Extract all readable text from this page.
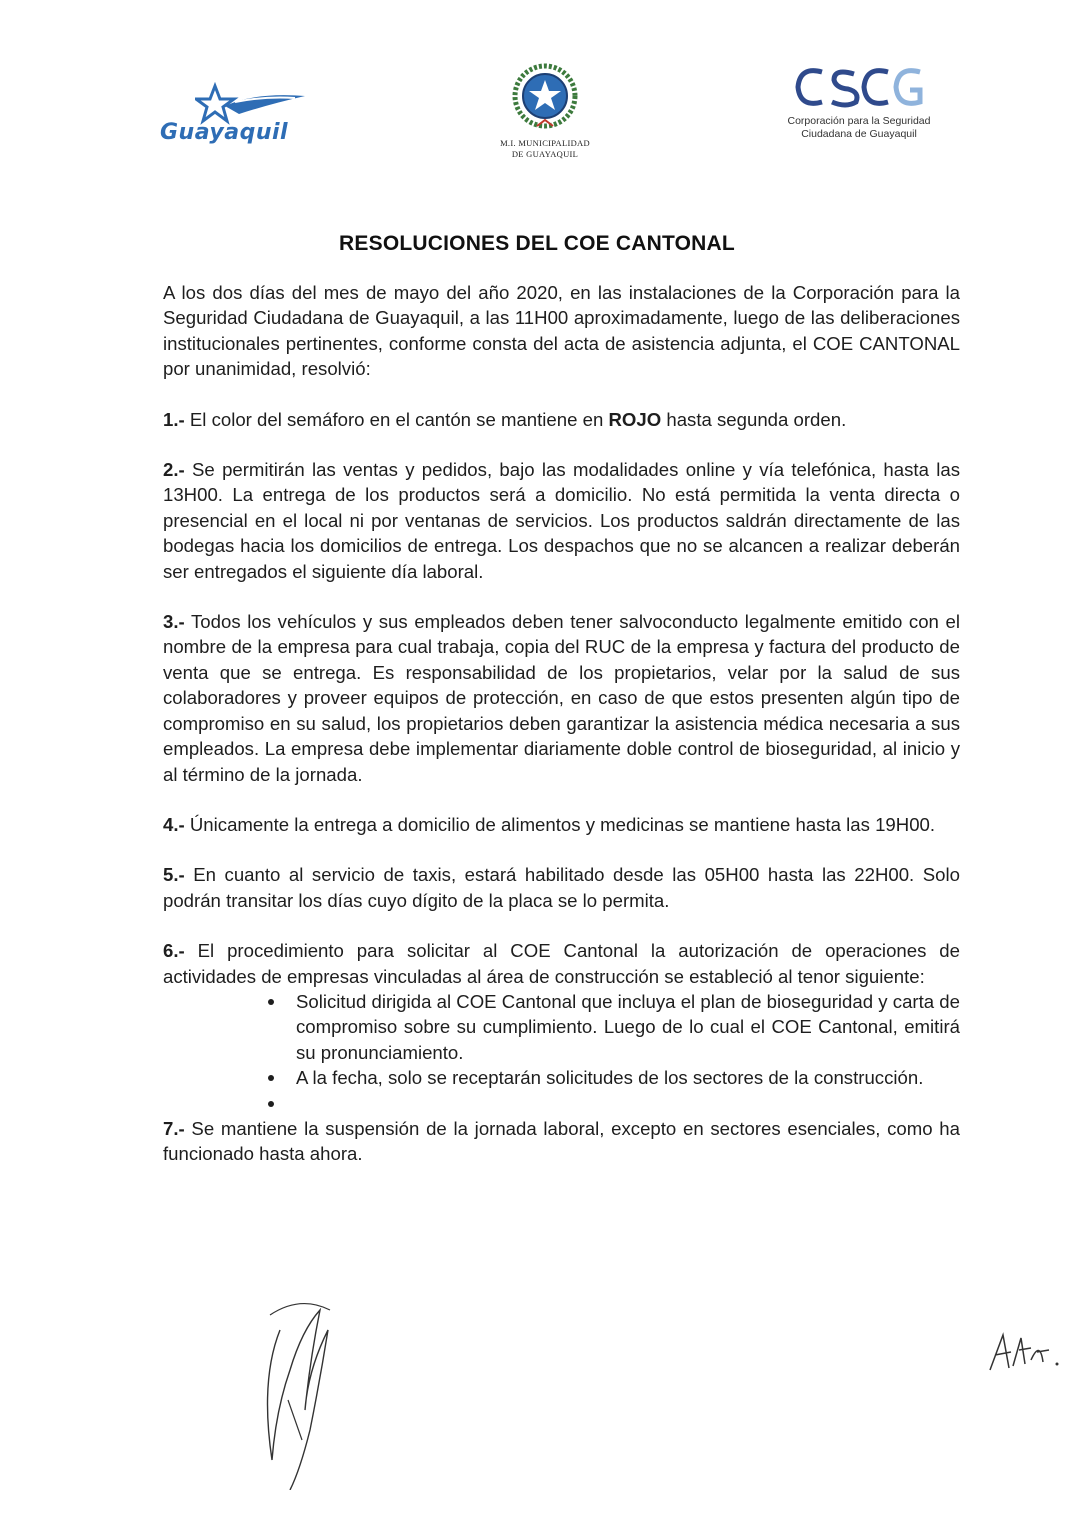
Guayaquil	M.I. MUNICIPALIDAD
DE GUAYAQUIL
Corporación para la Seguridad
Ciudadana de Guayaquil
RESOLUCIONES DEL COE CANTONAL

A los dos días del mes de mayo del año 2020, en las instalaciones de la Corporación para la Seguridad Ciudadana de Guayaquil, a las 11H00 aproximadamente, luego de las deliberaciones institucionales pertinentes, conforme consta del acta de asistencia adjunta, el COE CANTONAL por unanimidad, resolvió:

1.- El color del semáforo en el cantón se mantiene en ROJO hasta segunda orden.

2.- Se permitirán las ventas y pedidos, bajo las modalidades online y vía telefónica, hasta las 13H00. La entrega de los productos será a domicilio. No está permitida la venta directa o presencial en el local ni por ventanas de servicios. Los productos saldrán directamente de las bodegas hacia los domicilios de entrega. Los despachos que no se alcancen a realizar deberán ser entregados el siguiente día laboral.

3.- Todos los vehículos y sus empleados deben tener salvoconducto legalmente emitido con el nombre de la empresa para cual trabaja, copia del RUC de la empresa y factura del producto de venta que se entrega. Es responsabilidad de los propietarios, velar por la salud de sus colaboradores y proveer equipos de protección, en caso de que estos presenten algún tipo de compromiso en su salud, los propietarios deben garantizar la asistencia médica necesaria a sus empleados. La empresa debe implementar diariamente doble control de bioseguridad, al inicio y al término de la jornada.

4.- Únicamente la entrega a domicilio de alimentos y medicinas se mantiene hasta las 19H00.

5.- En cuanto al servicio de taxis, estará habilitado desde las 05H00 hasta las 22H00. Solo podrán transitar los días cuyo dígito de la placa se lo permita.

6.- El procedimiento para solicitar al COE Cantonal la autorización de operaciones de actividades de empresas vinculadas al área de construcción se estableció al tenor siguiente:

Solicitud dirigida al COE Cantonal que incluya el plan de bioseguridad y carta de compromiso sobre su cumplimiento. Luego de lo cual el COE Cantonal, emitirá su pronunciamiento.
A la fecha, solo se receptarán solicitudes de los sectores de la construcción.

7.- Se mantiene la suspensión de la jornada laboral, excepto en sectores esenciales, como ha funcionado hasta ahora.
